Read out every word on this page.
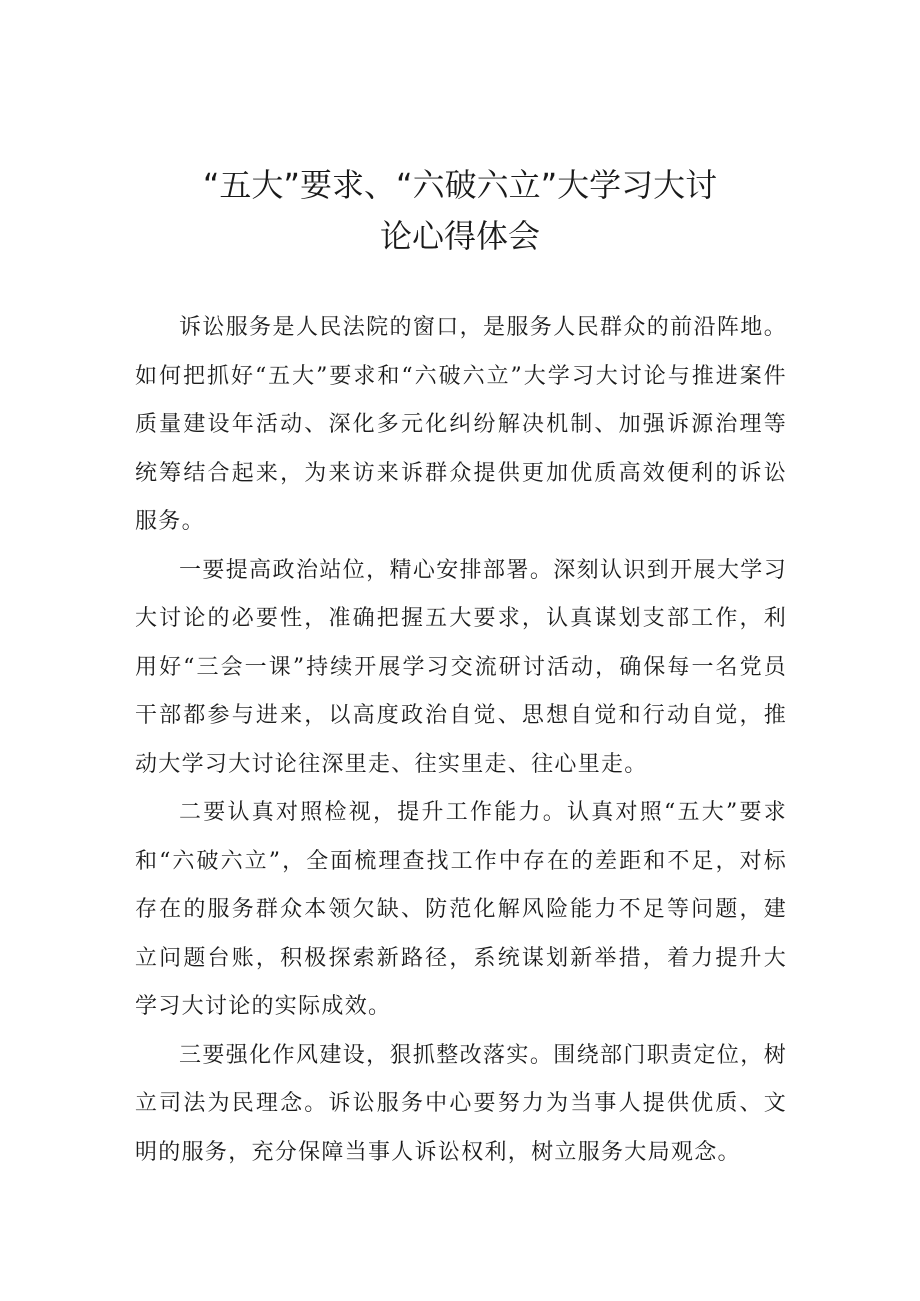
“五大”要求、“六破六立”大学习大讨
论心得体会

诉讼服务是人民法院的窗口，是服务人民群众的前沿阵地。如何把抓好“五大”要求和“六破六立”大学习大讨论与推进案件质量建设年活动、深化多元化纠纷解决机制、加强诉源治理等统筹结合起来，为来访来诉群众提供更加优质高效便利的诉讼服务。

一要提高政治站位，精心安排部署。深刻认识到开展大学习大讨论的必要性，准确把握五大要求，认真谋划支部工作，利用好“三会一课”持续开展学习交流研讨活动，确保每一名党员干部都参与进来，以高度政治自觉、思想自觉和行动自觉，推动大学习大讨论往深里走、往实里走、往心里走。

二要认真对照检视，提升工作能力。认真对照“五大”要求和“六破六立”，全面梳理查找工作中存在的差距和不足，对标存在的服务群众本领欠缺、防范化解风险能力不足等问题，建立问题台账，积极探索新路径，系统谋划新举措，着力提升大学习大讨论的实际成效。

三要强化作风建设，狠抓整改落实。围绕部门职责定位，树立司法为民理念。诉讼服务中心要努力为当事人提供优质、文明的服务，充分保障当事人诉讼权利，树立服务大局观念。
